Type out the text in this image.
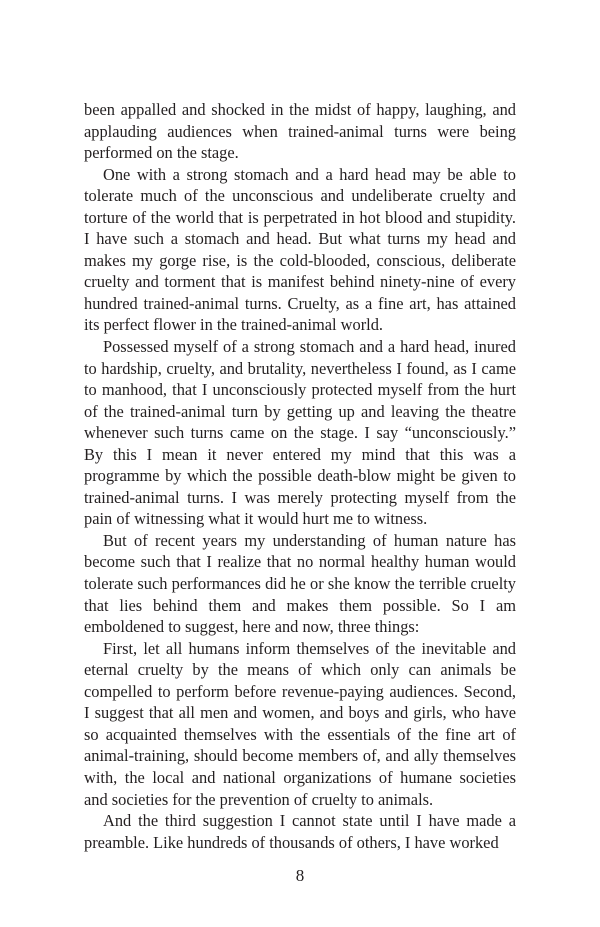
been appalled and shocked in the midst of happy, laughing, and applauding audiences when trained-animal turns were being performed on the stage.

One with a strong stomach and a hard head may be able to tolerate much of the unconscious and undeliberate cruelty and torture of the world that is perpetrated in hot blood and stupidity. I have such a stomach and head. But what turns my head and makes my gorge rise, is the cold-blooded, conscious, deliberate cruelty and torment that is manifest behind ninety-nine of every hundred trained-animal turns. Cruelty, as a fine art, has attained its perfect flower in the trained-animal world.

Possessed myself of a strong stomach and a hard head, inured to hardship, cruelty, and brutality, nevertheless I found, as I came to manhood, that I unconsciously protected myself from the hurt of the trained-animal turn by getting up and leaving the theatre whenever such turns came on the stage. I say “unconsciously.” By this I mean it never entered my mind that this was a programme by which the possible death-blow might be given to trained-animal turns. I was merely protecting myself from the pain of witnessing what it would hurt me to witness.

But of recent years my understanding of human nature has become such that I realize that no normal healthy human would tolerate such performances did he or she know the terrible cruelty that lies behind them and makes them possible. So I am emboldened to suggest, here and now, three things:

First, let all humans inform themselves of the inevitable and eternal cruelty by the means of which only can animals be compelled to perform before revenue-paying audiences. Second, I suggest that all men and women, and boys and girls, who have so acquainted themselves with the essentials of the fine art of animal-training, should become members of, and ally themselves with, the local and national organizations of humane societies and societies for the prevention of cruelty to animals.

And the third suggestion I cannot state until I have made a preamble. Like hundreds of thousands of others, I have worked

8
